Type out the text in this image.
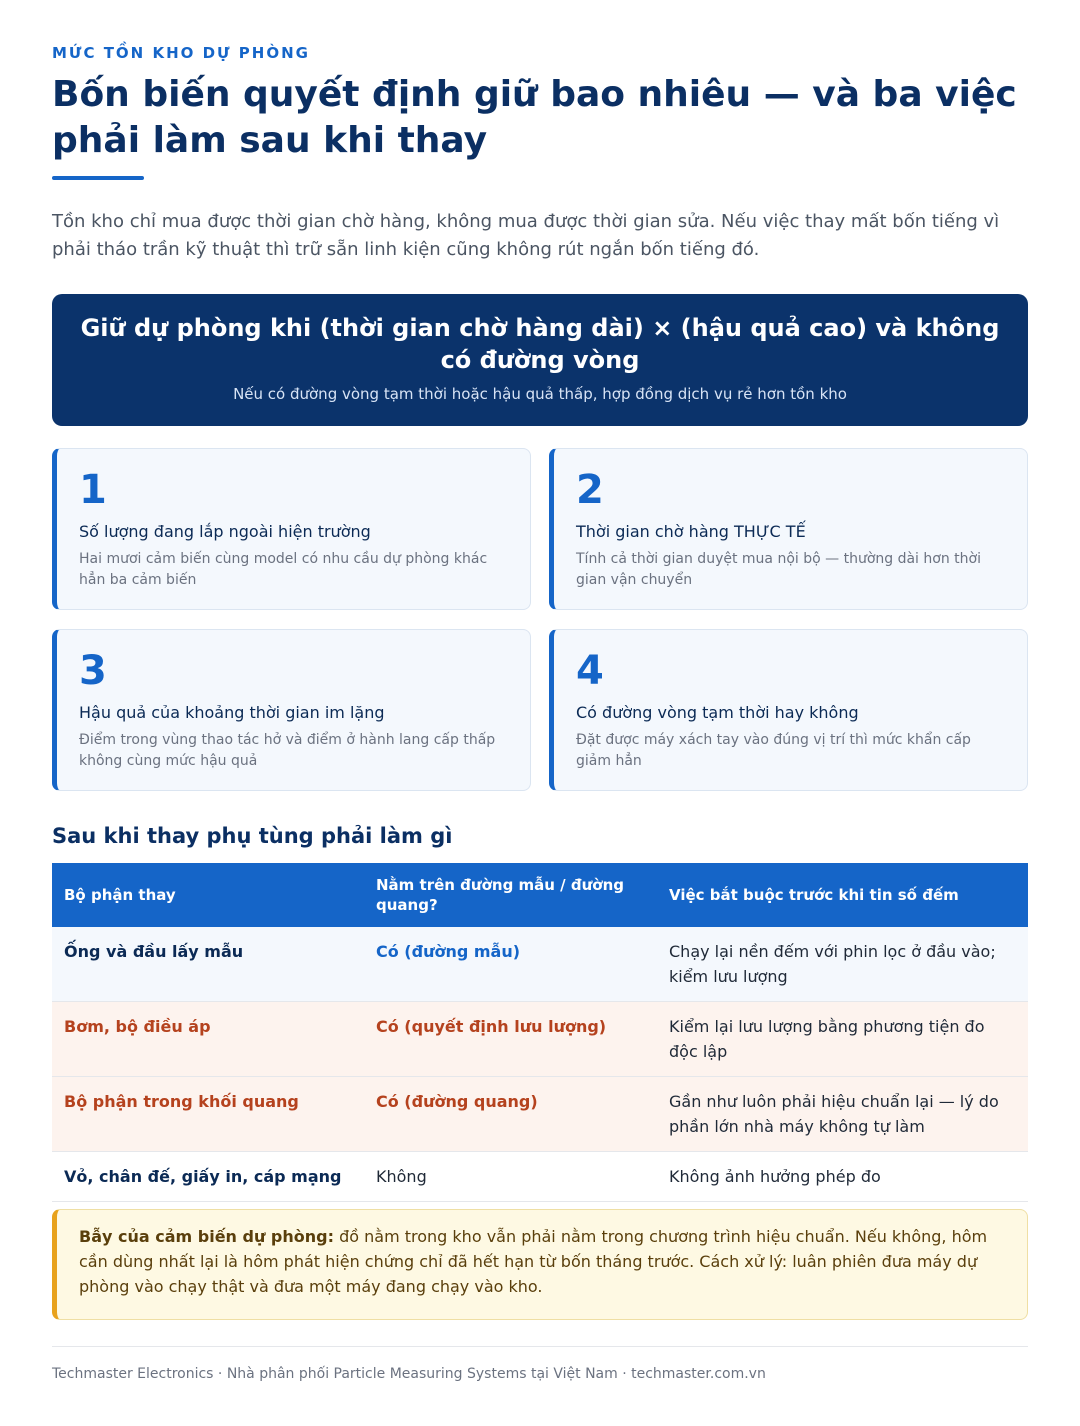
MỨC TỒN KHO DỰ PHÒNG
Bốn biến quyết định giữ bao nhiêu — và ba việc phải làm sau khi thay

Tồn kho chỉ mua được thời gian chờ hàng, không mua được thời gian sửa. Nếu việc thay mất bốn tiếng vì phải tháo trần kỹ thuật thì trữ sẵn linh kiện cũng không rút ngắn bốn tiếng đó.

Giữ dự phòng khi (thời gian chờ hàng dài) × (hậu quả cao) và không có đường vòng
Nếu có đường vòng tạm thời hoặc hậu quả thấp, hợp đồng dịch vụ rẻ hơn tồn kho
1
Số lượng đang lắp ngoài hiện trường
Hai mươi cảm biến cùng model có nhu cầu dự phòng khác hẳn ba cảm biến
2
Thời gian chờ hàng THỰC TẾ
Tính cả thời gian duyệt mua nội bộ — thường dài hơn thời gian vận chuyển
3
Hậu quả của khoảng thời gian im lặng
Điểm trong vùng thao tác hở và điểm ở hành lang cấp thấp không cùng mức hậu quả
4
Có đường vòng tạm thời hay không
Đặt được máy xách tay vào đúng vị trí thì mức khẩn cấp giảm hẳn
Sau khi thay phụ tùng phải làm gì
Bộ phận thay	Nằm trên đường mẫu / đường quang?	Việc bắt buộc trước khi tin số đếm
Ống và đầu lấy mẫu	Có (đường mẫu)	Chạy lại nền đếm với phin lọc ở đầu vào; kiểm lưu lượng
Bơm, bộ điều áp	Có (quyết định lưu lượng)	Kiểm lại lưu lượng bằng phương tiện đo độc lập
Bộ phận trong khối quang	Có (đường quang)	Gần như luôn phải hiệu chuẩn lại — lý do phần lớn nhà máy không tự làm
Vỏ, chân đế, giấy in, cáp mạng	Không	Không ảnh hưởng phép đo
Bẫy của cảm biến dự phòng: đồ nằm trong kho vẫn phải nằm trong chương trình hiệu chuẩn. Nếu không, hôm cần dùng nhất lại là hôm phát hiện chứng chỉ đã hết hạn từ bốn tháng trước. Cách xử lý: luân phiên đưa máy dự phòng vào chạy thật và đưa một máy đang chạy vào kho.
Techmaster Electronics · Nhà phân phối Particle Measuring Systems tại Việt Nam · techmaster.com.vn
